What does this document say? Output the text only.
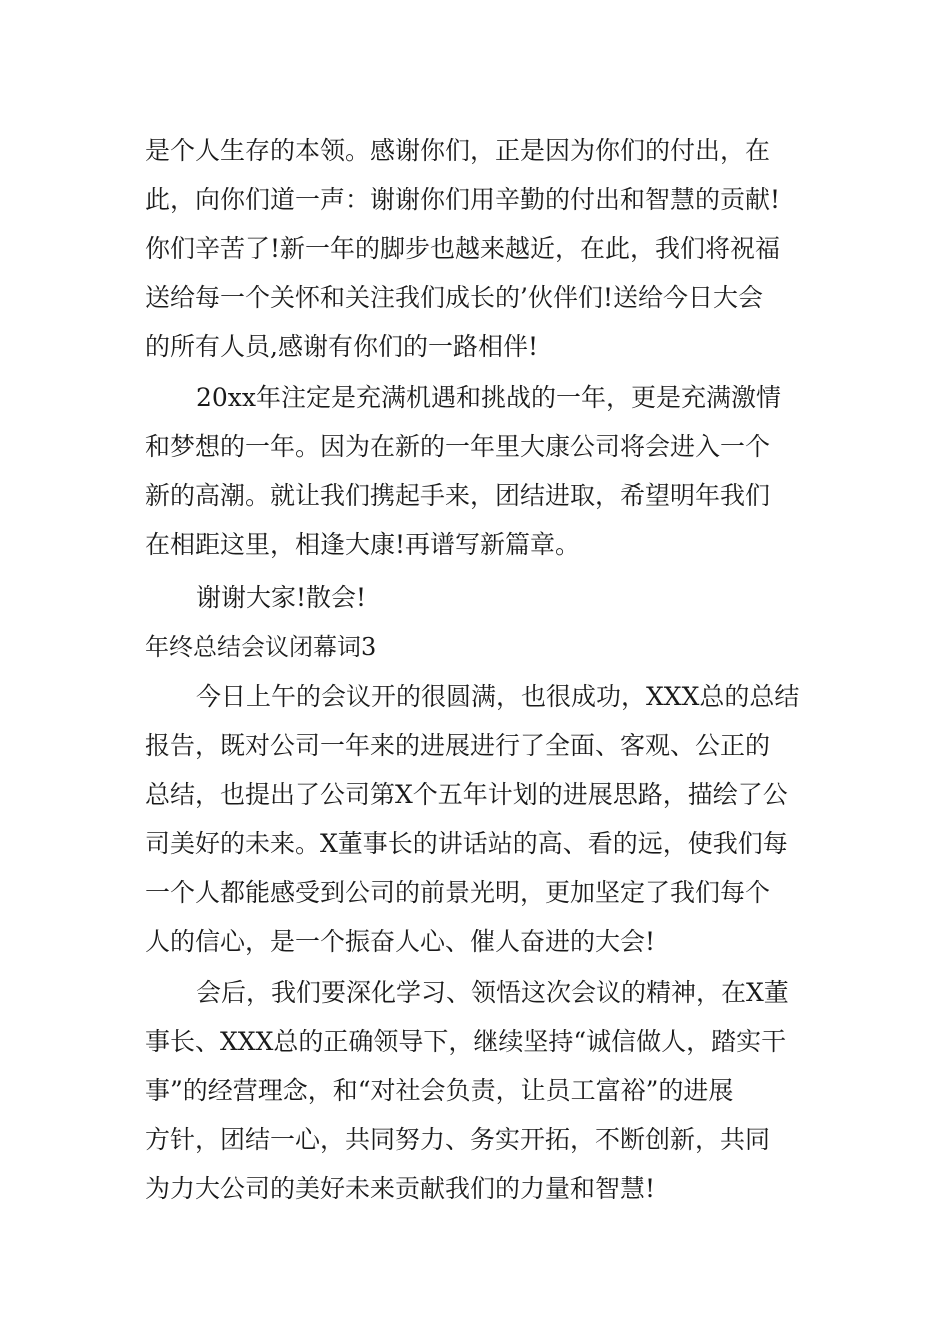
是个人生存的本领。感谢你们，正是因为你们的付出，在
此，向你们道一声：谢谢你们用辛勤的付出和智慧的贡献!
你们辛苦了!新一年的脚步也越来越近，在此，我们将祝福
送给每一个关怀和关注我们成长的’伙伴们!送给今日大会
的所有人员,感谢有你们的一路相伴!
20xx年注定是充满机遇和挑战的一年，更是充满激情
和梦想的一年。因为在新的一年里大康公司将会进入一个
新的高潮。就让我们携起手来，团结进取，希望明年我们
在相距这里，相逢大康!再谱写新篇章。
谢谢大家!散会!
年终总结会议闭幕词3
今日上午的会议开的很圆满，也很成功，XXX总的总结
报告，既对公司一年来的进展进行了全面、客观、公正的
总结，也提出了公司第X个五年计划的进展思路，描绘了公
司美好的未来。X董事长的讲话站的高、看的远，使我们每
一个人都能感受到公司的前景光明，更加坚定了我们每个
人的信心，是一个振奋人心、催人奋进的大会!
会后，我们要深化学习、领悟这次会议的精神，在X董
事长、XXX总的正确领导下，继续坚持“诚信做人，踏实干
事”的经营理念，和“对社会负责，让员工富裕”的进展
方针，团结一心，共同努力、务实开拓，不断创新，共同
为力大公司的美好未来贡献我们的力量和智慧!
